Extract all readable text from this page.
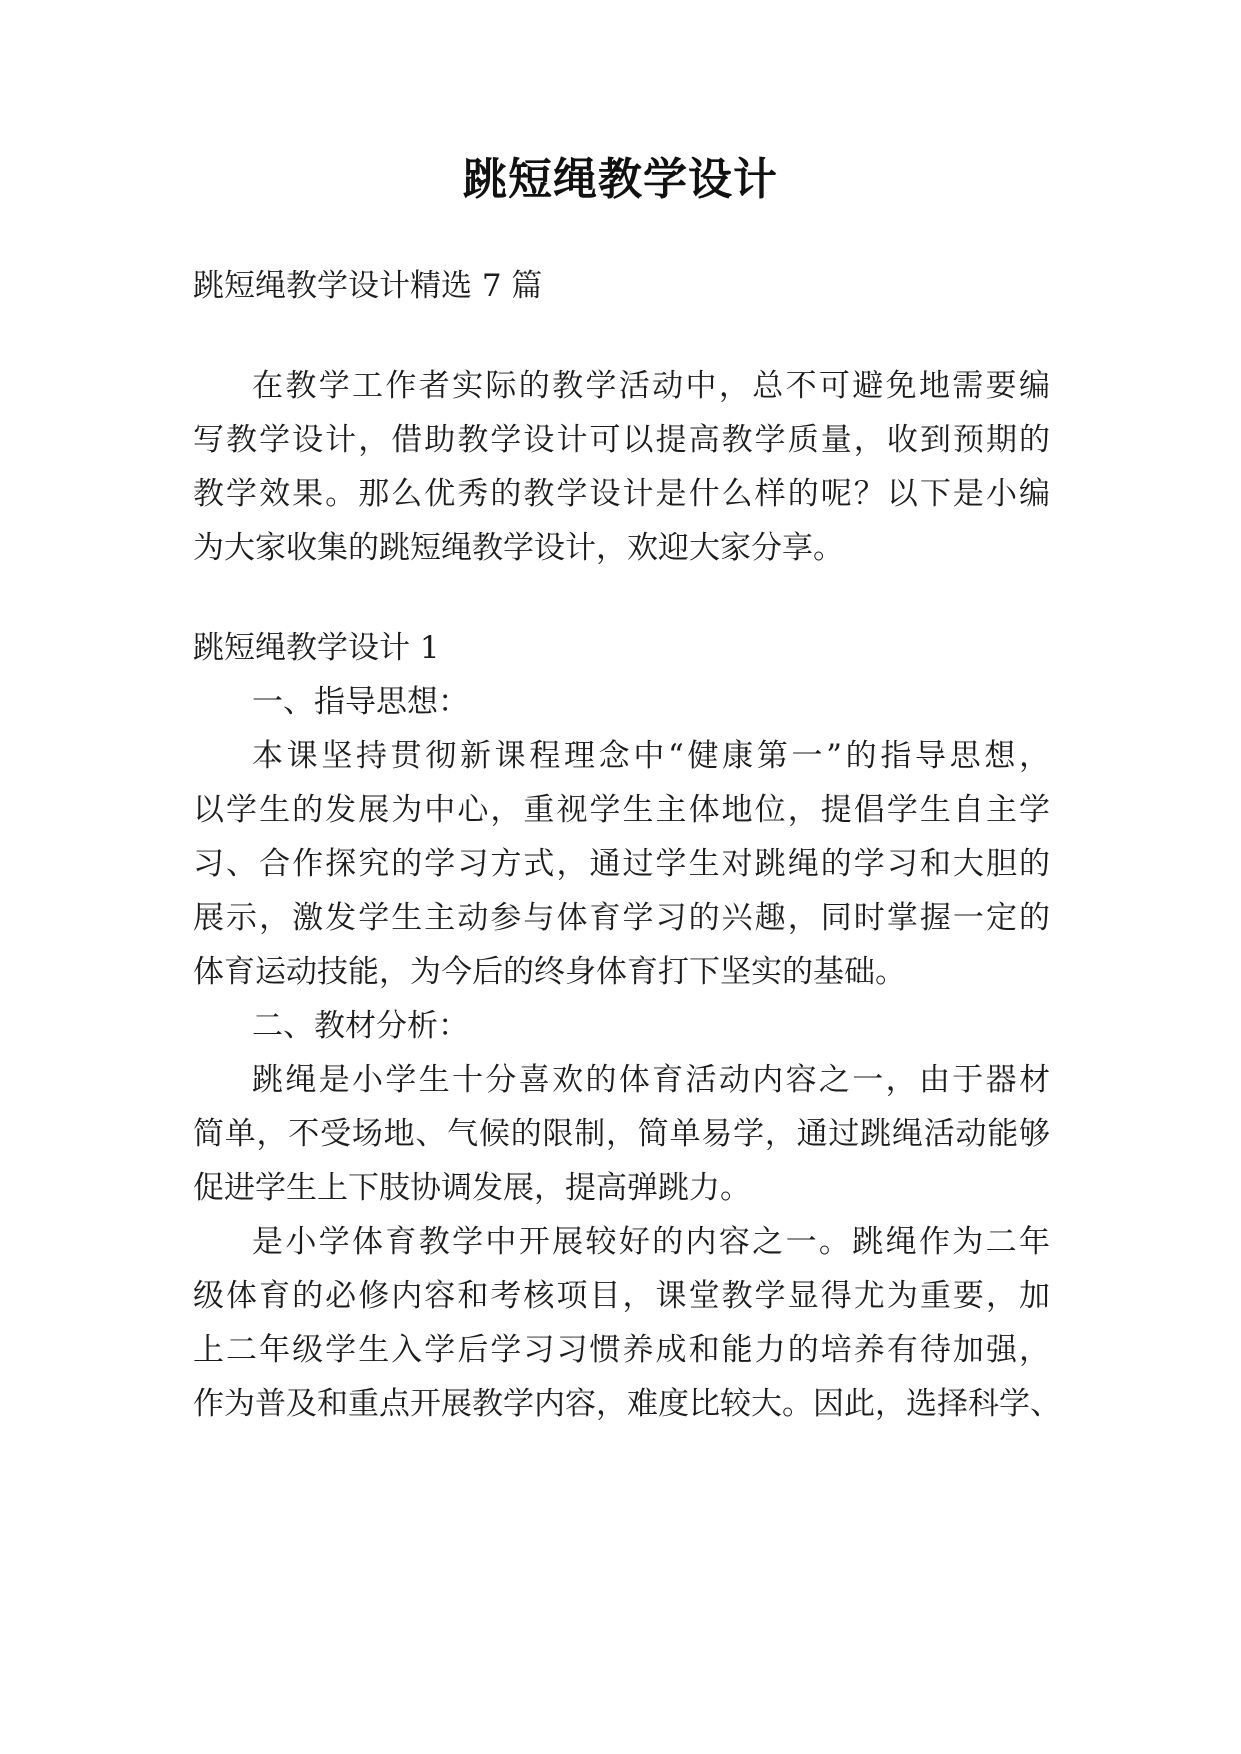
跳短绳教学设计
跳短绳教学设计精选 7 篇
在教学工作者实际的教学活动中，总不可避免地需要编
写教学设计，借助教学设计可以提高教学质量，收到预期的
教学效果。那么优秀的教学设计是什么样的呢？以下是小编
为大家收集的跳短绳教学设计，欢迎大家分享。
跳短绳教学设计 1
一、指导思想：
本课坚持贯彻新课程理念中“健康第一”的指导思想，
以学生的发展为中心，重视学生主体地位，提倡学生自主学
习、合作探究的学习方式，通过学生对跳绳的学习和大胆的
展示，激发学生主动参与体育学习的兴趣，同时掌握一定的
体育运动技能，为今后的终身体育打下坚实的基础。
二、教材分析：
跳绳是小学生十分喜欢的体育活动内容之一，由于器材
简单，不受场地、气候的限制，简单易学，通过跳绳活动能够
促进学生上下肢协调发展，提高弹跳力。
是小学体育教学中开展较好的内容之一。跳绳作为二年
级体育的必修内容和考核项目，课堂教学显得尤为重要，加
上二年级学生入学后学习习惯养成和能力的培养有待加强，
作为普及和重点开展教学内容，难度比较大。因此，选择科学、
